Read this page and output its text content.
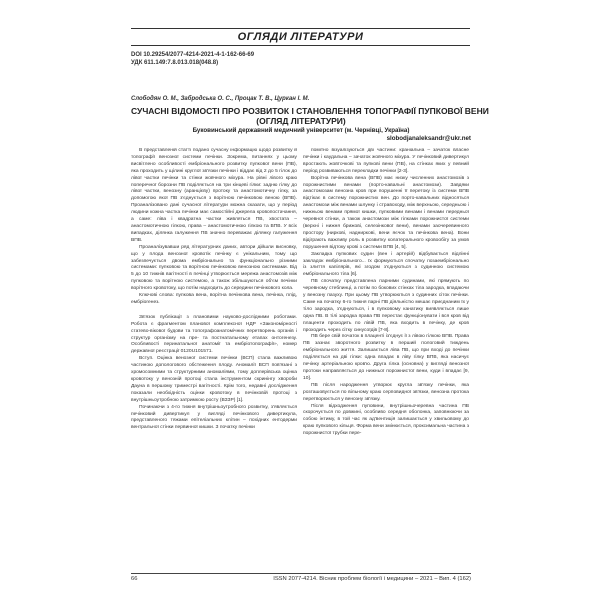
ОГЛЯДИ ЛІТЕРАТУРИ
DOI 10.29254/2077-4214-2021-4-1-162-66-69
УДК 611.149:7.8.013.018(048.8)
Слободян О. М., Забродська О. С., Процак Т. В., Цуркан І. М.
СУЧАСНІ ВІДОМОСТІ ПРО РОЗВИТОК І СТАНОВЛЕННЯ ТОПОГРАФІЇ ПУПКОВОЇ ВЕНИ
(ОГЛЯД ЛІТЕРАТУРИ)
Буковинський державний медичний університет (м. Чернівці, Україна)
slobodjanaleksandr@ukr.net

В представленій статті подано сучасну інформацію щодо розвитку й топографії венозної системи печінки. Зокрема, питаннях у цьому висвітлено особливості ембріонального розвитку пупкової вени (ПВ), яка проходить у щілині круглої зв'язки печінки і віддає від 2 до 5 гілок до лівої частки печінки та стінки жовчного міхура. На рівні лівого краю поперечної борозни ПВ поділяється на три кінцеві гілки: задню гілку до лівої частки, венозну (аранцієву) протоку та анастомотичну гілку, за допомогою якої ПВ з'єднується з ворітною печінковою веною (ВПВ). Проаналізовано дані сучасної літератури можна сказати, що у період людини кожна частка печінки має самостійні джерела кровопостачання, а саме: ліва і квадратна частки живляться ПВ, хвостата – анастомотичною гілкою, права – анастомотичною гілкою та ВПВ. У всіх випадках, ділянка галуження ПВ значно переважає ділянку галуження ВПВ.

Проаналізувавши ряд літературних даних, автори дійшли висновку, що у плода венозної кровотік печінку є унікальним, тому що забезпечується двома ембріонально та функціонально різними системами: пупковою та ворітною печінковою венозною системами. Від 5 до 10 тижнів вагітності в печінці утворюється мережа анастомозів між пупковою та ворітною системою, а також збільшуються об'єм печінки ворітного кровотоку, що потім надходить до середини печінкового кола.

Ключові слова: пупкова вена, ворітна печінкова вена, печінка, плід, ембріогенез.

Зв'язок публікації з плановими науково-дослідними роботами. Робота є фрагментом планової комплексної НДР «Закономірності статево-вікової будови та топографоанатомічних перетворень органів і структур організму на пре- та постнатальному етапах онтогенезу. Особливості перинатальної анатомії та ембріотопографії», номер державної реєстрації 0120U101571.

Вступ. Оцінка венозної системи печінки (ВСП) стала важливою частиною допологового обстеження плоду. Аномалії ВСП пов'язані з хромосомними та структурними аномаліями, тому доплерівська оцінка кровотоку у венозній протоці стала інструментом скринінгу хвороби Дауна в першому триместрі вагітності. Крім того, недавні дослідження показали необхідність оцінки кровотоку в печінковій протоці з внутрішньоутробною затримкою росту (ВЗЗР) [1].

Починаючи з 4-го тижня внутрішньоутробного розвитку, з'являється печінковий дивертикул у вигляді печінкового дивертикула, представленого тяжами епітеліальних клітин – похідних ентодерми вентральної стінки первинної кишки. З початку печінки

помітно візуалізуються дві частини: краніальна – зачаток власне печінки і каудальна – зачаток жовчного міхура. У печінковий дивертикул вростають жовточкові та пупкові вени (ПВ), на стінках яких у певний період розвиваються перекладки печінки [2-3].

Ворітна печінкова вена (ВПВ) має низку численних анастомозів з порожнистими венами (порто-кавальні анастомози). Завдяки анастомозам венозна кров при порушенні її перетоку із системи ВПВ відтікає в систему порожнистих вен. До порто-кавальних відносяться анастомози між венами шлунку і стравоходу, між верхньою, середньою і нижньою венами прямої кишки, пупковими венами і венами передньої черевної стінки, а також анастомози між гілками порожнистої системи (верхні і нижня брижові, селезінкової вени), венами заочеревинного простору (ниркові, надниркові, вени яєчок та печінкова вена). Вони відіграють важливу роль в розвитку колатерального кровообігу за умов порушення відтоку крові з системи ВПВ [4, 5].

Закладка пупкових судин (вен і артерій) відбувається відлінні закладок ембріонального... їх формуються спочатку позаембріонально із злиття капілярів, які згодом з'єднуються з судинною системою ембріонального тіла [6].

ПВ спочатку представлена парними судинами, які прямують по черевному стеблинці, а потім по бокових стінках тіла зародка, впадаючи у венозну пазуху. При цьому ПВ утворюються з судинних сіток печінки. Саме на початку 6-го тижня парні ПВ діяльністю мешає приєднаним їх у тіло зародка, з'єднуються, і в пупковому канатику виявляється лише одна ПВ. В тілі зародка права ПВ перестає функціонувати і вся кров від плаценти проходить по лівій ПВ, яка входить в печінку, де кров проходить через сітку синусоїдів [7-8].

ПВ бере свій початок в плаценті із'єднує ії з лівою гілкою ВПВ. Права ПВ зазнає зворотного розвитку в перший пологовий тиждень ембріонального життя. Залишається ліва ПВ, що при вході до печінки поділяється на дві гілки: одна впадає в ліву гілку ВПВ, яка насичує печінку артеріальною кров'ю. Друга гілка (основна) у вигляді венозної протоки направляється до нижньої порожнистої вени, куди і впадає [9, 10].

ПВ після народження утворює кругла зв'язку печінки, яка розташовується по вільному краю серповидної зв'язки, венозна протока перетворюється у венозну зв'язку.

Після відходження пуповини, внутрішньочеревна частина ПВ скорочується по довжині, особливо середня оболонка, заповнюючи за собою інтиму, в той час як ад'вентиція залишається у хвильовому до краю пупкового кільця. Форма вени змінюється, проксимальна частина з порожнистої трубки пере-

66	ISSN 2077-4214. Вісник проблем біології і медицини – 2021 – Вип. 4 (162)
